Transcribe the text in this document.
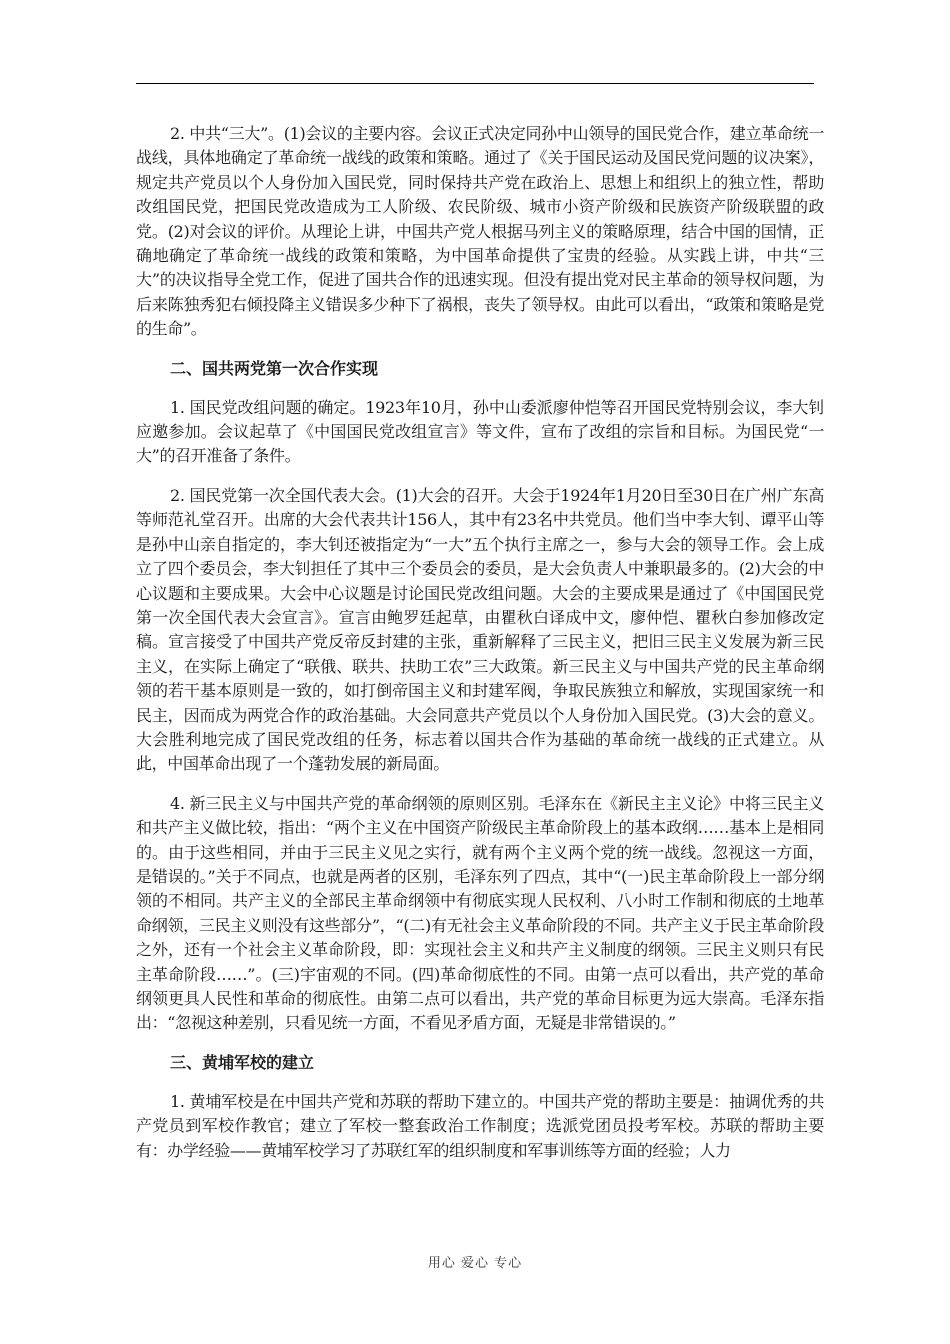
2. 中共“三大”。(1)会议的主要内容。会议正式决定同孙中山领导的国民党合作，建立革命统一战线，具体地确定了革命统一战线的政策和策略。通过了《关于国民运动及国民党问题的议决案》，规定共产党员以个人身份加入国民党，同时保持共产党在政治上、思想上和组织上的独立性，帮助改组国民党，把国民党改造成为工人阶级、农民阶级、城市小资产阶级和民族资产阶级联盟的政党。(2)对会议的评价。从理论上讲，中国共产党人根据马列主义的策略原理，结合中国的国情，正确地确定了革命统一战线的政策和策略，为中国革命提供了宝贵的经验。从实践上讲，中共“三大”的决议指导全党工作，促进了国共合作的迅速实现。但没有提出党对民主革命的领导权问题，为后来陈独秀犯右倾投降主义错误多少种下了祸根，丧失了领导权。由此可以看出，“政策和策略是党的生命”。

二、国共两党第一次合作实现

1. 国民党改组问题的确定。1923年10月，孙中山委派廖仲恺等召开国民党特别会议，李大钊应邀参加。会议起草了《中国国民党改组宣言》等文件，宣布了改组的宗旨和目标。为国民党“一大”的召开准备了条件。

2. 国民党第一次全国代表大会。(1)大会的召开。大会于1924年1月20日至30日在广州广东高等师范礼堂召开。出席的大会代表共计156人，其中有23名中共党员。他们当中李大钊、谭平山等是孙中山亲自指定的，李大钊还被指定为“一大”五个执行主席之一，参与大会的领导工作。会上成立了四个委员会，李大钊担任了其中三个委员会的委员，是大会负责人中兼职最多的。(2)大会的中心议题和主要成果。大会中心议题是讨论国民党改组问题。大会的主要成果是通过了《中国国民党第一次全国代表大会宣言》。宣言由鲍罗廷起草，由瞿秋白译成中文，廖仲恺、瞿秋白参加修改定稿。宣言接受了中国共产党反帝反封建的主张，重新解释了三民主义，把旧三民主义发展为新三民主义，在实际上确定了“联俄、联共、扶助工农”三大政策。新三民主义与中国共产党的民主革命纲领的若干基本原则是一致的，如打倒帝国主义和封建军阀，争取民族独立和解放，实现国家统一和民主，因而成为两党合作的政治基础。大会同意共产党员以个人身份加入国民党。(3)大会的意义。大会胜利地完成了国民党改组的任务，标志着以国共合作为基础的革命统一战线的正式建立。从此，中国革命出现了一个蓬勃发展的新局面。

4. 新三民主义与中国共产党的革命纲领的原则区别。毛泽东在《新民主主义论》中将三民主义和共产主义做比较，指出：“两个主义在中国资产阶级民主革命阶段上的基本政纲……基本上是相同的。由于这些相同，并由于三民主义见之实行，就有两个主义两个党的统一战线。忽视这一方面，是错误的。”关于不同点，也就是两者的区别，毛泽东列了四点，其中“(一)民主革命阶段上一部分纲领的不相同。共产主义的全部民主革命纲领中有彻底实现人民权利、八小时工作制和彻底的土地革命纲领，三民主义则没有这些部分”，“(二)有无社会主义革命阶段的不同。共产主义于民主革命阶段之外，还有一个社会主义革命阶段，即：实现社会主义和共产主义制度的纲领。三民主义则只有民主革命阶段……”。(三)宇宙观的不同。(四)革命彻底性的不同。由第一点可以看出，共产党的革命纲领更具人民性和革命的彻底性。由第二点可以看出，共产党的革命目标更为远大崇高。毛泽东指出：“忽视这种差别，只看见统一方面，不看见矛盾方面，无疑是非常错误的。”

三、黄埔军校的建立

1. 黄埔军校是在中国共产党和苏联的帮助下建立的。中国共产党的帮助主要是：抽调优秀的共产党员到军校作教官；建立了军校一整套政治工作制度；选派党团员投考军校。苏联的帮助主要有：办学经验——黄埔军校学习了苏联红军的组织制度和军事训练等方面的经验；人力

用心 爱心 专心
